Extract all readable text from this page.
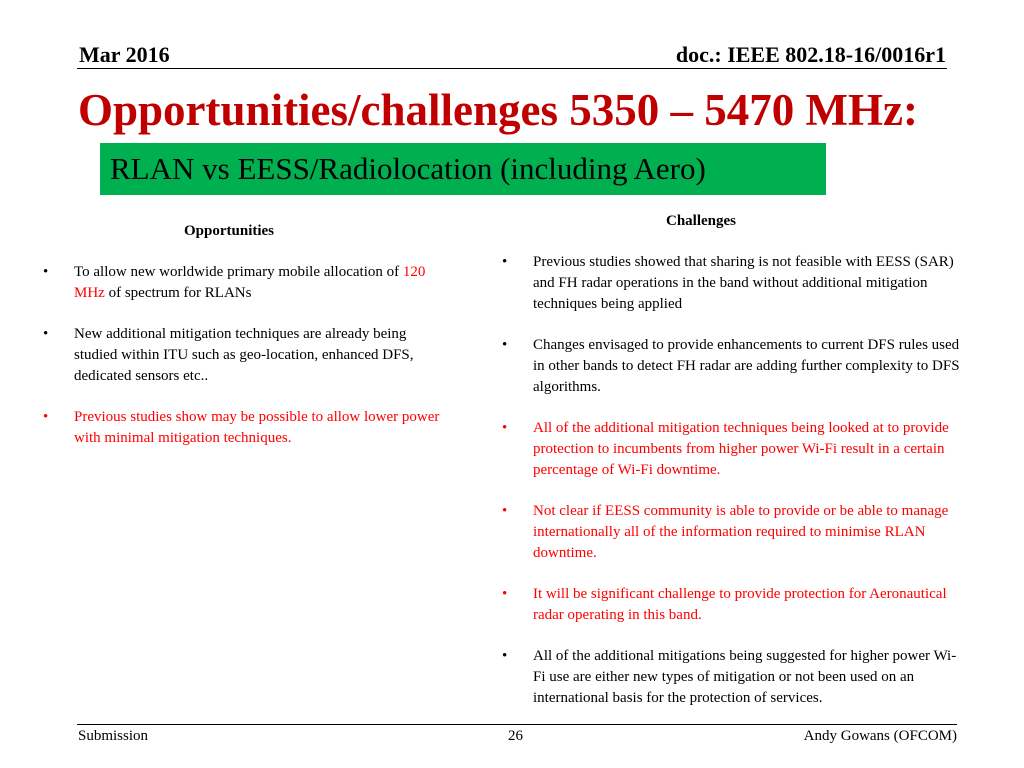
Mar 2016	doc.: IEEE 802.18-16/0016r1
Opportunities/challenges 5350 – 5470 MHz:
RLAN vs EESS/Radiolocation (including Aero)
Opportunities
• To allow new worldwide primary mobile allocation of 120 MHz of spectrum for RLANs
• New additional mitigation techniques are already being studied within ITU such as geo-location, enhanced DFS, dedicated sensors etc..
• Previous studies show may be possible to allow lower power with minimal mitigation techniques.
Challenges
• Previous studies showed that sharing is not feasible with EESS (SAR) and FH radar operations in the band without additional mitigation techniques being applied
• Changes envisaged to provide enhancements to current DFS rules used in other bands to detect FH radar are adding further complexity to DFS algorithms.
• All of the additional mitigation techniques being looked at to provide protection to incumbents from higher power Wi-Fi result in a certain percentage of Wi-Fi downtime.
• Not clear if EESS community is able to provide or be able to manage internationally all of the information required to minimise RLAN downtime.
• It will be significant challenge to provide protection for Aeronautical radar operating in this band.
• All of the additional mitigations being suggested for higher power Wi-Fi use are either new types of mitigation or not been used on an international basis for the protection of services.
Submission	26	Andy Gowans (OFCOM)
